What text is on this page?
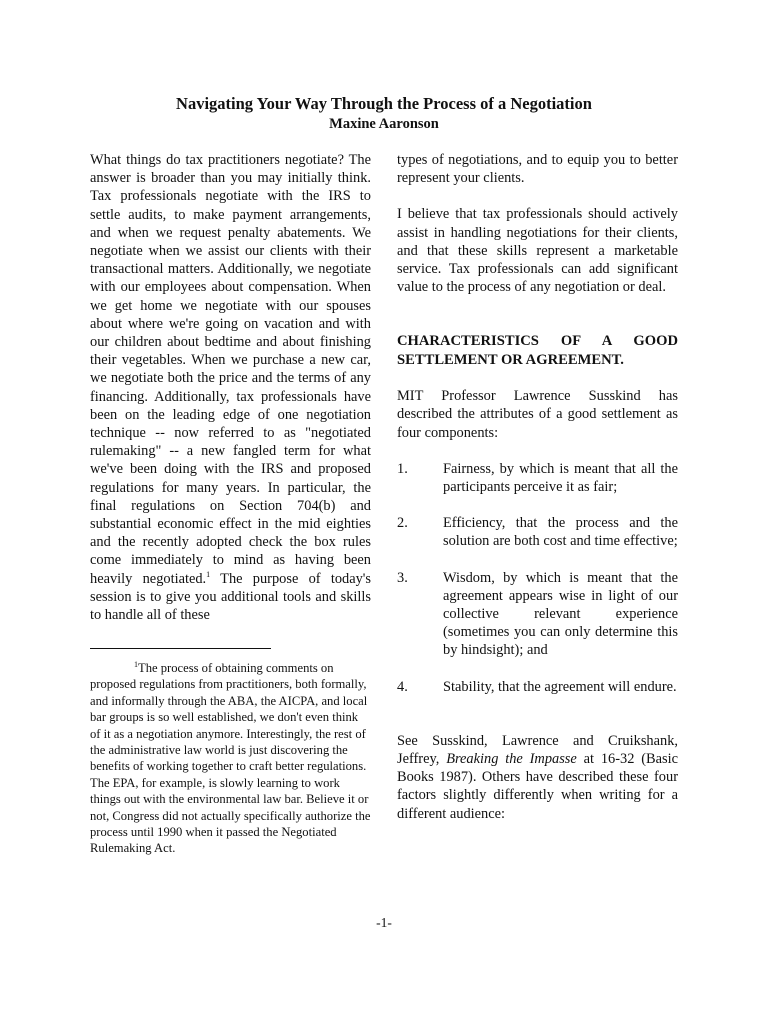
Navigating Your Way Through the Process of a Negotiation
Maxine Aaronson

What things do tax practitioners negotiate? The answer is broader than you may initially think. Tax professionals negotiate with the IRS to settle audits, to make payment arrangements, and when we request penalty abatements. We negotiate when we assist our clients with their transactional matters. Additionally, we negotiate with our employees about compensation. When we get home we negotiate with our spouses about where we're going on vacation and with our children about bedtime and about finishing their vegetables. When we purchase a new car, we negotiate both the price and the terms of any financing. Additionally, tax professionals have been on the leading edge of one negotiation technique -- now referred to as "negotiated rulemaking" -- a new fangled term for what we've been doing with the IRS and proposed regulations for many years. In particular, the final regulations on Section 704(b) and substantial economic effect in the mid eighties and the recently adopted check the box rules come immediately to mind as having been heavily negotiated.$^1$ The purpose of today's session is to give you additional tools and skills to handle all of these

$^1$The process of obtaining comments on proposed regulations from practitioners, both formally, and informally through the ABA, the AICPA, and local bar groups is so well established, we don't even think of it as a negotiation anymore. Interestingly, the rest of the administrative law world is just discovering the benefits of working together to craft better regulations. The EPA, for example, is slowly learning to work things out with the environmental law bar. Believe it or not, Congress did not actually specifically authorize the process until 1990 when it passed the Negotiated Rulemaking Act.

types of negotiations, and to equip you to better represent your clients.

I believe that tax professionals should actively assist in handling negotiations for their clients, and that these skills represent a marketable service. Tax professionals can add significant value to the process of any negotiation or deal.

CHARACTERISTICS OF A GOOD SETTLEMENT OR AGREEMENT.

MIT Professor Lawrence Susskind has described the attributes of a good settlement as four components:

1.	Fairness, by which is meant that all the participants perceive it as fair;
2.	Efficiency, that the process and the solution are both cost and time effective;
3.	Wisdom, by which is meant that the agreement appears wise in light of our collective relevant experience (sometimes you can only determine this by hindsight); and
4.	Stability, that the agreement will endure.

See Susskind, Lawrence and Cruikshank, Jeffrey, Breaking the Impasse at 16-32 (Basic Books 1987). Others have described these four factors slightly differently when writing for a different audience:

-1-
